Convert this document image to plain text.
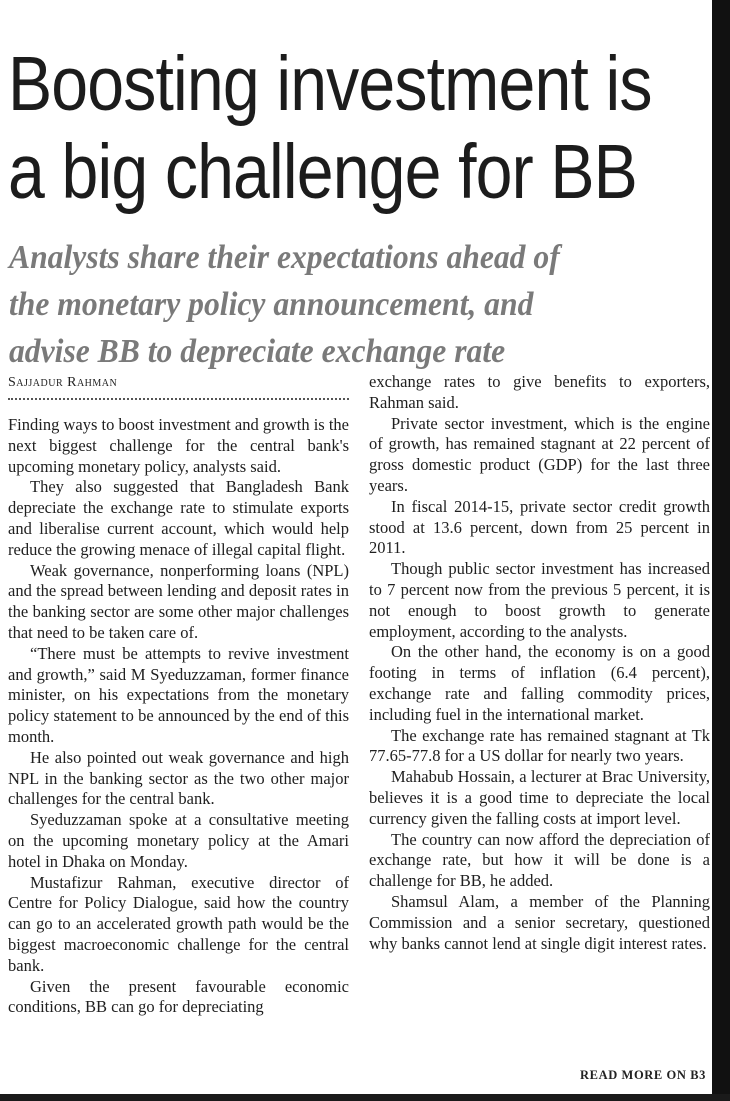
Boosting investment is
a big challenge for BB
Analysts share their expectations ahead of
the monetary policy announcement, and
advise BB to depreciate exchange rate
Sajjadur Rahman

Finding ways to boost investment and growth is the next biggest challenge for the central bank's upcoming monetary policy, analysts said.

They also suggested that Bangladesh Bank depreciate the exchange rate to stimulate exports and liberalise current account, which would help reduce the growing menace of illegal capital flight.

Weak governance, nonperforming loans (NPL) and the spread between lending and deposit rates in the banking sector are some other major challenges that need to be taken care of.

“There must be attempts to revive investment and growth,” said M Syeduzzaman, former finance minister, on his expectations from the monetary policy statement to be announced by the end of this month.

He also pointed out weak governance and high NPL in the banking sector as the two other major challenges for the central bank.

Syeduzzaman spoke at a consultative meeting on the upcoming monetary policy at the Amari hotel in Dhaka on Monday.

Mustafizur Rahman, executive director of Centre for Policy Dialogue, said how the country can go to an accelerated growth path would be the biggest macroeconomic challenge for the central bank.

Given the present favourable economic conditions, BB can go for depreciating

exchange rates to give benefits to exporters, Rahman said.

Private sector investment, which is the engine of growth, has remained stagnant at 22 percent of gross domestic product (GDP) for the last three years.

In fiscal 2014-15, private sector credit growth stood at 13.6 percent, down from 25 percent in 2011.

Though public sector investment has increased to 7 percent now from the previous 5 percent, it is not enough to boost growth to generate employment, according to the analysts.

On the other hand, the economy is on a good footing in terms of inflation (6.4 percent), exchange rate and falling commodity prices, including fuel in the international market.

The exchange rate has remained stagnant at Tk 77.65-77.8 for a US dollar for nearly two years.

Mahabub Hossain, a lecturer at Brac University, believes it is a good time to depreciate the local currency given the falling costs at import level.

The country can now afford the depreciation of exchange rate, but how it will be done is a challenge for BB, he added.

Shamsul Alam, a member of the Planning Commission and a senior secretary, questioned why banks cannot lend at single digit interest rates.

READ MORE ON B3
